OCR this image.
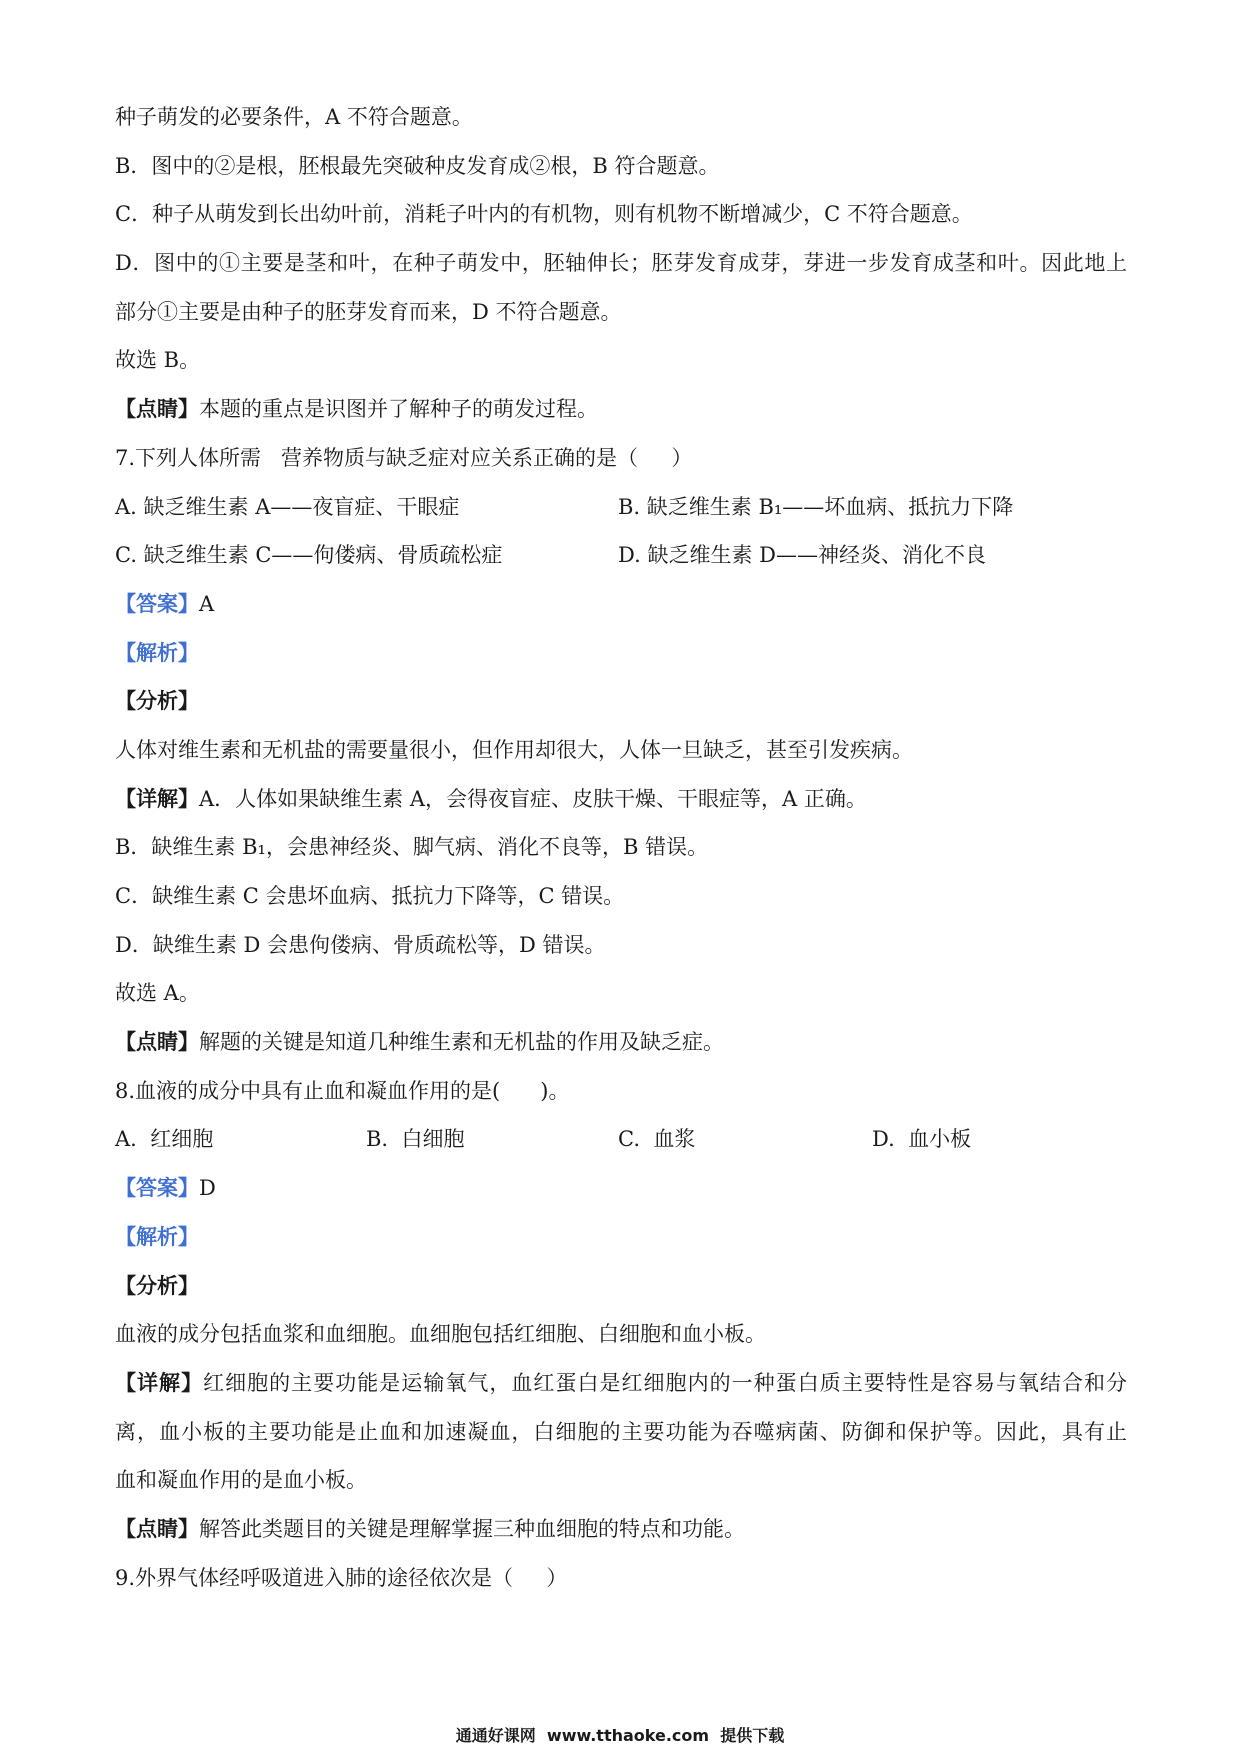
种子萌发的必要条件，A 不符合题意。
B．图中的②是根，胚根最先突破种皮发育成②根，B 符合题意。
C．种子从萌发到长出幼叶前，消耗子叶内的有机物，则有机物不断增减少，C 不符合题意。
D．图中的①主要是茎和叶，在种子萌发中，胚轴伸长；胚芽发育成芽，芽进一步发育成茎和叶。因此地上
部分①主要是由种子的胚芽发育而来，D 不符合题意。
故选 B。
【点睛】本题的重点是识图并了解种子的萌发过程。
7.下列人体所需   营养物质与缺乏症对应关系正确的是（     ）

A. 缺乏维生素 A——夜盲症、干眼症

	B. 缺乏维生素 B₁——坏血病、抵抗力下降

C. 缺乏维生素 C——佝偻病、骨质疏松症

	D. 缺乏维生素 D——神经炎、消化不良

【答案】A
【解析】
【分析】
人体对维生素和无机盐的需要量很小，但作用却很大，人体一旦缺乏，甚至引发疾病。
【详解】A．人体如果缺维生素 A，会得夜盲症、皮肤干燥、干眼症等，A 正确。
B．缺维生素 B₁，会患神经炎、脚气病、消化不良等，B 错误。
C．缺维生素 C 会患坏血病、抵抗力下降等，C 错误。
D．缺维生素 D 会患佝偻病、骨质疏松等，D 错误。
故选 A。
【点睛】解题的关键是知道几种维生素和无机盐的作用及缺乏症。
8.血液的成分中具有止血和凝血作用的是(      )。

A.  红细胞

	B.  白细胞

	C.  血浆

	D.  血小板

【答案】D
【解析】
【分析】
血液的成分包括血浆和血细胞。血细胞包括红细胞、白细胞和血小板。
【详解】红细胞的主要功能是运输氧气，血红蛋白是红细胞内的一种蛋白质主要特性是容易与氧结合和分
离，血小板的主要功能是止血和加速凝血，白细胞的主要功能为吞噬病菌、防御和保护等。因此，具有止
血和凝血作用的是血小板。
【点睛】解答此类题目的关键是理解掌握三种血细胞的特点和功能。
9.外界气体经呼吸道进入肺的途径依次是（     ）
通通好课网 www.tthaoke.com 提供下载
